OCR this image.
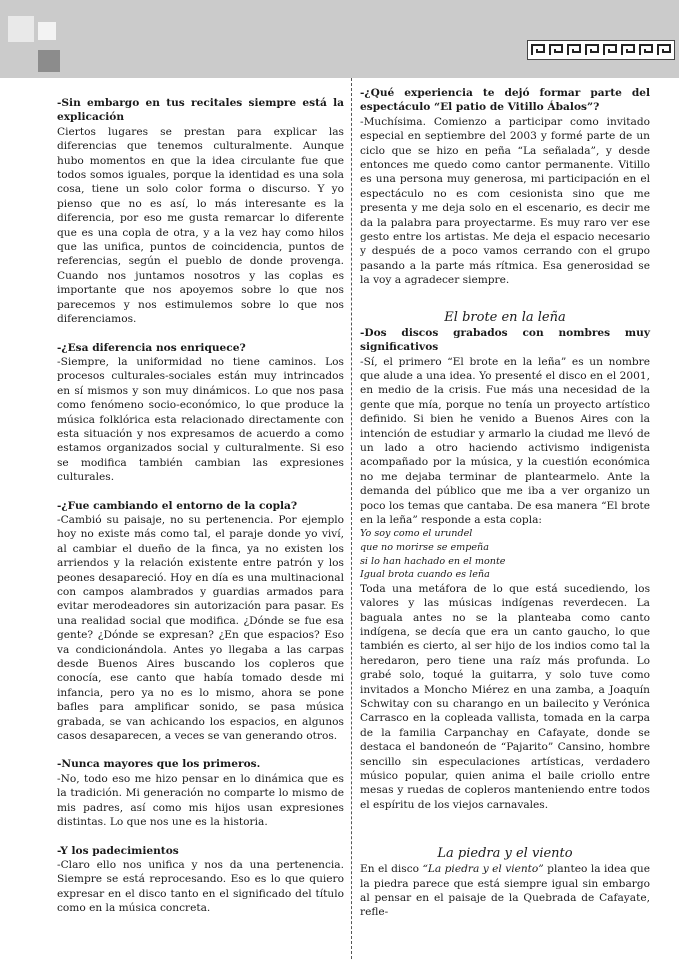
-Sin embargo en tus recitales siempre está la explicación

Ciertos lugares se prestan para explicar las diferencias que tenemos culturalmente. Aunque hubo momentos en que la idea circulante fue que todos somos iguales, porque la identidad es una sola cosa, tiene un solo color forma o discurso. Y yo pienso que no es así, lo más interesante es la diferencia, por eso me gusta remarcar lo diferente que es una copla de otra, y a la vez hay como hilos que las unifica, puntos de coincidencia, puntos de referencias, según el pueblo de donde provenga. Cuando nos juntamos nosotros y las coplas es importante que nos apoyemos sobre lo que nos parecemos y nos estimulemos sobre lo que nos diferenciamos.

-¿Esa diferencia nos enriquece?

-Siempre, la uniformidad no tiene caminos. Los procesos culturales-sociales están muy intrincados en sí mismos y son muy dinámicos. Lo que nos pasa como fenómeno socio-económico, lo que produce la música folklórica esta relacionado directamente con esta situación y nos expresamos de acuerdo a como estamos organizados social y culturalmente. Si eso se modifica también cambian las expresiones culturales.

-¿Fue cambiando el entorno de la copla?

-Cambió su paisaje, no su pertenencia. Por ejemplo hoy no existe más como tal, el paraje donde yo viví, al cambiar el dueño de la finca, ya no existen los arriendos y la relación existente entre patrón y los peones desapareció. Hoy en día es una multinacional con campos alambrados y guardias armados para evitar merodeadores sin autorización para pasar. Es una realidad social que modifica. ¿Dónde se fue esa gente? ¿Dónde se expresan? ¿En que espacios? Eso va condicionándola. Antes yo llegaba a las carpas desde Buenos Aires buscando los copleros que conocía, ese canto que había tomado desde mi infancia, pero ya no es lo mismo, ahora se pone bafles para amplificar sonido, se pasa música grabada, se van achicando los espacios, en algunos casos desaparecen, a veces se van generando otros.

-Nunca mayores que los primeros.

-No, todo eso me hizo pensar en lo dinámica que es la tradición. Mi generación no comparte lo mismo de mis padres, así como mis hijos usan expresiones distintas. Lo que nos une es la historia.

-Y los padecimientos

-Claro ello nos unifica y nos da una pertenencia. Siempre se está reprocesando. Eso es lo que quiero expresar en el disco tanto en el significado del título como en la música concreta.

-¿Qué experiencia te dejó formar parte del espectáculo “El patio de Vitillo Ábalos”?

-Muchísima. Comienzo a participar como invitado especial en septiembre del 2003 y formé parte de un ciclo que se hizo en peña “La señalada”, y desde entonces me quedo como cantor permanente. Vitillo es una persona muy generosa, mi participación en el espectáculo no es com cesionista sino que me presenta y me deja solo en el escenario, es decir me da la palabra para proyectarme. Es muy raro ver ese gesto entre los artistas. Me deja el espacio necesario y después de a poco vamos cerrando con el grupo pasando a la parte más rítmica. Esa generosidad se la voy a agradecer siempre.

El brote en la leña

-Dos discos grabados con nombres muy significativos

-Sí, el primero “El brote en la leña” es un nombre que alude a una idea. Yo presenté el disco en el 2001, en medio de la crisis. Fue más una necesidad de la gente que mía, porque no tenía un proyecto artístico definido. Si bien he venido a Buenos Aires con la intención de estudiar y armarlo la ciudad me llevó de un lado a otro haciendo activismo indigenista acompañado por la música, y la cuestión económica no me dejaba terminar de plantearmelo. Ante la demanda del público que me iba a ver organizo un poco los temas que cantaba. De esa manera “El brote en la leña” responde a esta copla:

Yo soy como el urundel

que no morirse se empeña

si lo han hachado en el monte

Igual brota cuando es leña

Toda una metáfora de lo que está sucediendo, los valores y las músicas indígenas reverdecen. La baguala antes no se la planteaba como canto indígena, se decía que era un canto gaucho, lo que también es cierto, al ser hijo de los indios como tal la heredaron, pero tiene una raíz más profunda. Lo grabé solo, toqué la guitarra, y solo tuve como invitados a Moncho Miérez en una zamba, a Joaquín Schwitay con su charango en un bailecito y Verónica Carrasco en la copleada vallista, tomada en la carpa de la familia Carpanchay en Cafayate, donde se destaca el bandoneón de “Pajarito” Cansino, hombre sencillo sin especulaciones artísticas, verdadero músico popular, quien anima el baile criollo entre mesas y ruedas de copleros manteniendo entre todos el espíritu de los viejos carnavales.

La piedra y el viento

En el disco “La piedra y el viento” planteo la idea que la piedra parece que está siempre igual sin embargo al pensar en el paisaje de la Quebrada de Cafayate, refle-
